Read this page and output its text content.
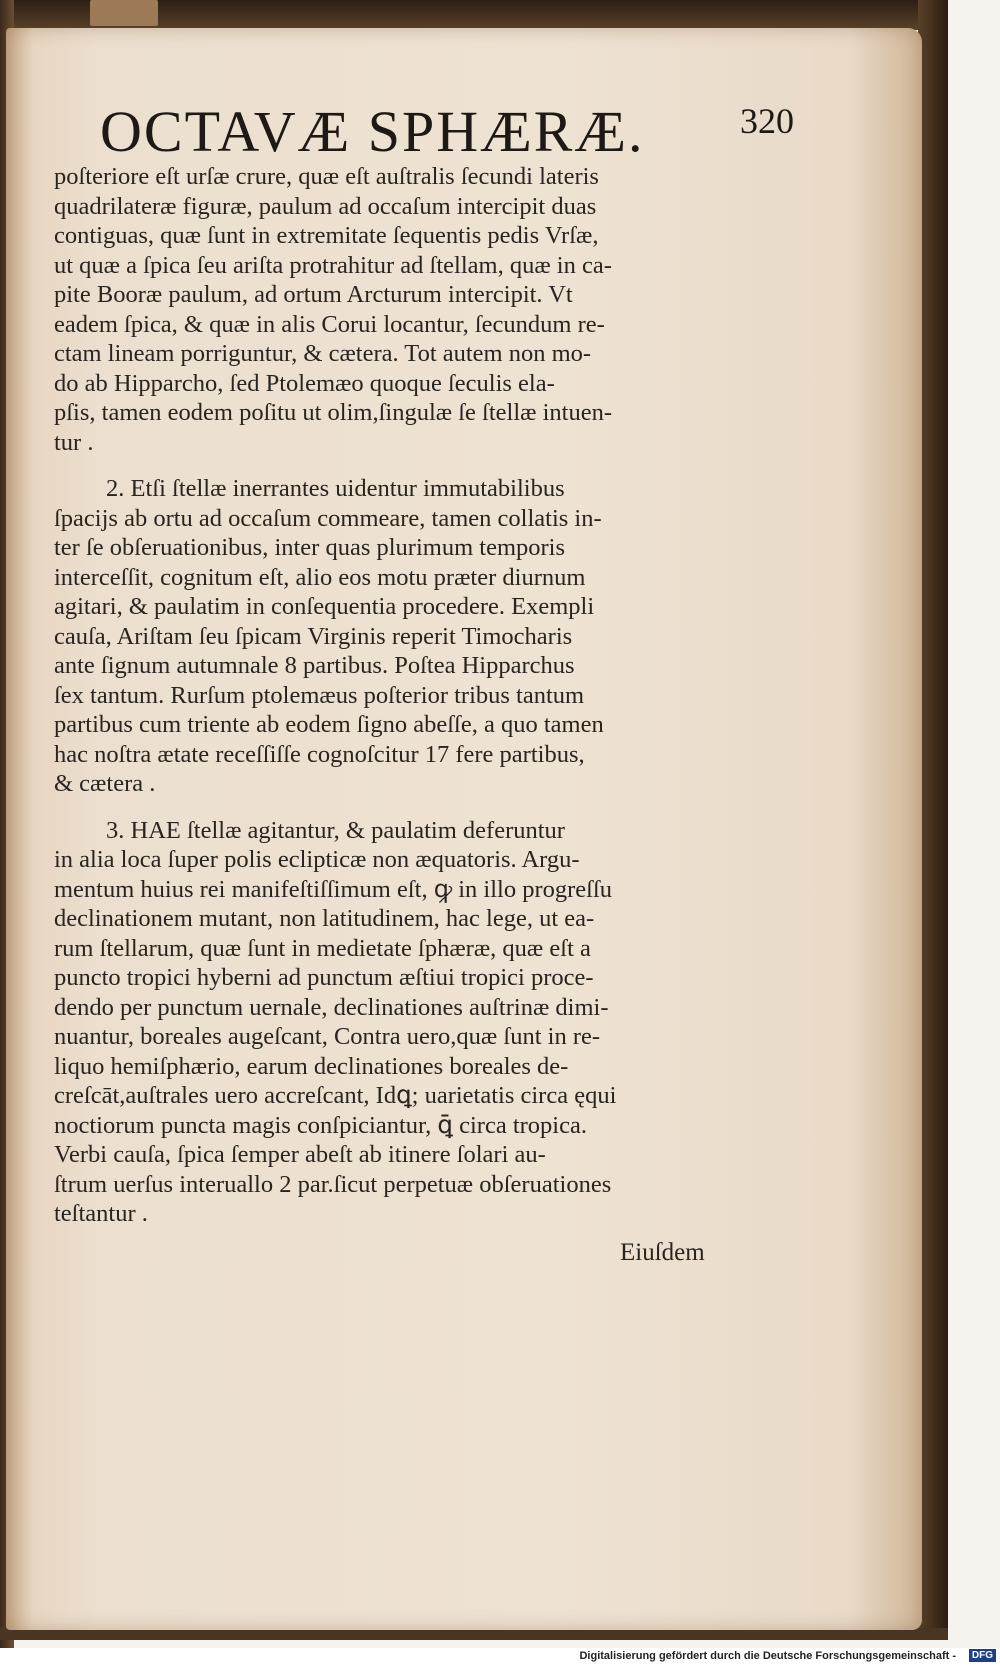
OCTAVÆ SPHÆRÆ.	320

poſteriore eſt urſæ crure, quæ eſt auſtralis ſecundi lateris
quadrilateræ figuræ, paulum ad occaſum intercipit duas
contiguas, quæ ſunt in extremitate ſequentis pedis Vrſæ,
ut quæ a ſpica ſeu ariſta protrahitur ad ſtellam, quæ in ca-
pite Booræ paulum, ad ortum Arcturum intercipit. Vt
eadem ſpica, & quæ in alis Corui locantur, ſecundum re-
ctam lineam porriguntur, & cætera. Tot autem non mo-
do ab Hipparcho, ſed Ptolemæo quoque ſeculis ela-
pſis, tamen eodem poſitu ut olim,ſingulæ ſe ſtellæ intuen-
tur .

2. Etſi ſtellæ inerrantes uidentur immutabilibus
ſpacijs ab ortu ad occaſum commeare, tamen collatis in-
ter ſe obſeruationibus, inter quas plurimum temporis
interceſſit, cognitum eſt, alio eos motu præter diurnum
agitari, & paulatim in conſequentia procedere. Exempli
cauſa, Ariſtam ſeu ſpicam Virginis reperit Timocharis
ante ſignum autumnale 8 partibus. Poſtea Hipparchus
ſex tantum. Rurſum ptolemæus poſterior tribus tantum
partibus cum triente ab eodem ſigno abeſſe, a quo tamen
hac noſtra ætate receſſiſſe cognoſcitur 17 fere partibus,
& cætera .

3. HAE ſtellæ agitantur, & paulatim deferuntur
in alia loca ſuper polis eclipticæ non æquatoris. Argu-
mentum huius rei manifeſtiſſimum eſt, ꝙ in illo progreſſu
declinationem mutant, non latitudinem, hac lege, ut ea-
rum ſtellarum, quæ ſunt in medietate ſphæræ, quæ eſt a
puncto tropici hyberni ad punctum æſtiui tropici proce-
dendo per punctum uernale, declinationes auſtrinæ dimi-
nuantur, boreales augeſcant, Contra uero,quæ ſunt in re-
liquo hemiſphærio, earum declinationes boreales de-
creſcāt,auſtrales uero accreſcant, Idꝗ; uarietatis circa ęqui
noctiorum puncta magis conſpiciantur, ꝗ̄ circa tropica.
Verbi cauſa, ſpica ſemper abeſt ab itinere ſolari au-
ſtrum uerſus interuallo 2 par.ſicut perpetuæ obſeruationes
teſtantur .

Eiuſdem
Digitalisierung gefördert durch die Deutsche Forschungsgemeinschaft -	DFG
